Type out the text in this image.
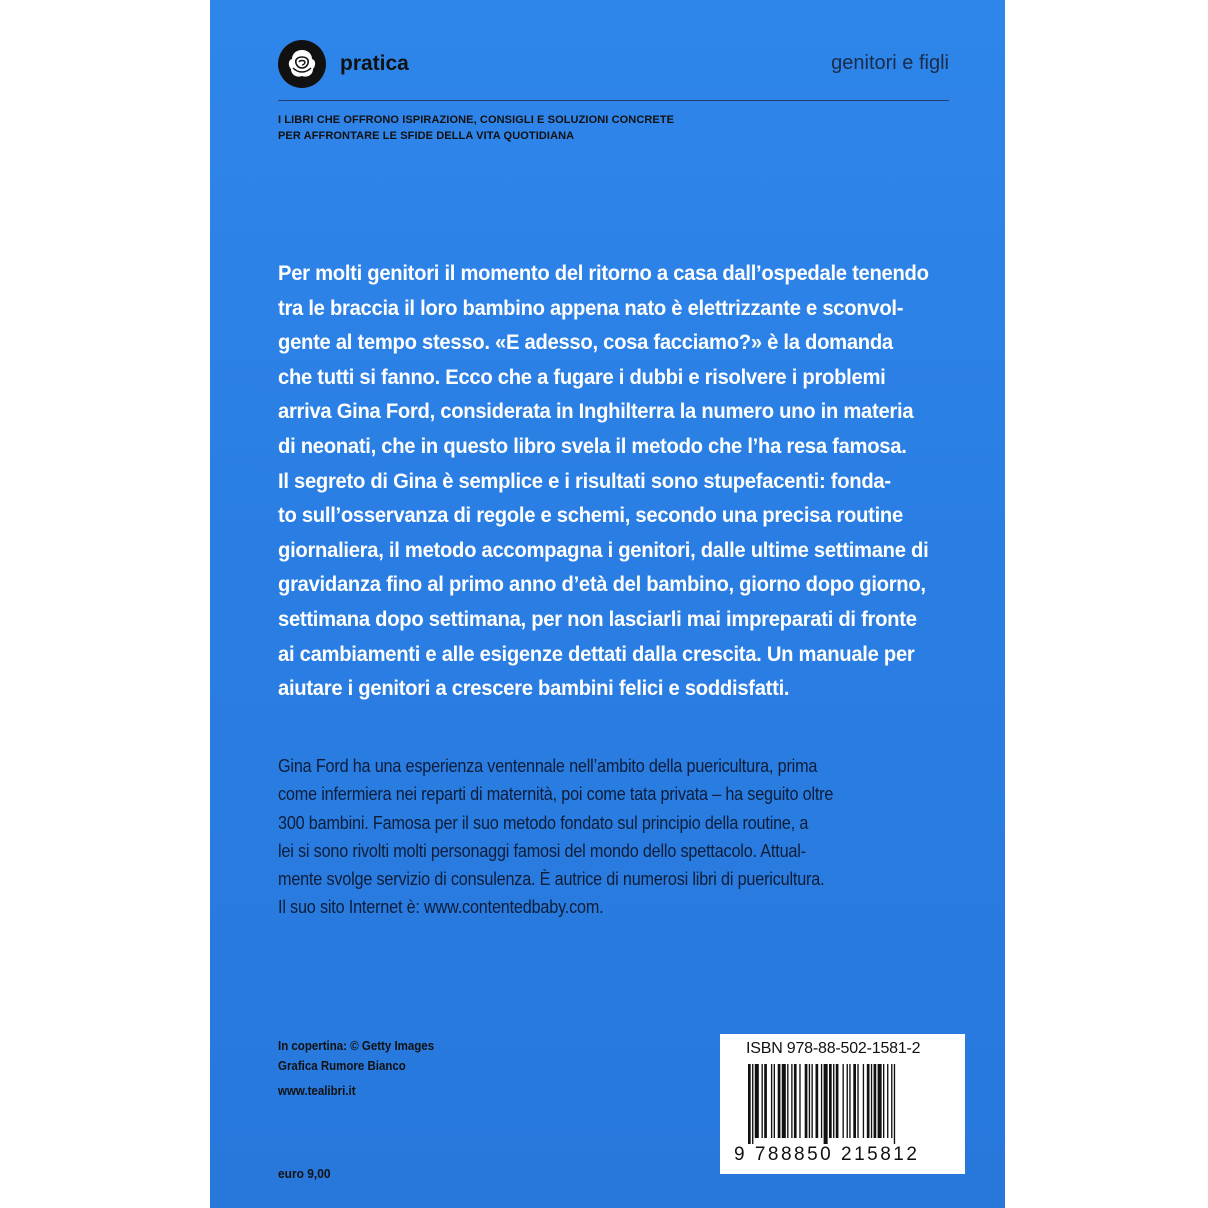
pratica	genitori e figli
I LIBRI CHE OFFRONO ISPIRAZIONE, CONSIGLI E SOLUZIONI CONCRETE
PER AFFRONTARE LE SFIDE DELLA VITA QUOTIDIANA
Per molti genitori il momento del ritorno a casa dall’ospedale tenendo
tra le braccia il loro bambino appena nato è elettrizzante e sconvol-
gente al tempo stesso. «E adesso, cosa facciamo?» è la domanda
che tutti si fanno. Ecco che a fugare i dubbi e risolvere i problemi
arriva Gina Ford, considerata in Inghilterra la numero uno in materia
di neonati, che in questo libro svela il metodo che l’ha resa famosa.
Il segreto di Gina è semplice e i risultati sono stupefacenti: fonda-
to sull’osservanza di regole e schemi, secondo una precisa routine
giornaliera, il metodo accompagna i genitori, dalle ultime settimane di
gravidanza fino al primo anno d’età del bambino, giorno dopo giorno,
settimana dopo settimana, per non lasciarli mai impreparati di fronte
ai cambiamenti e alle esigenze dettati dalla crescita. Un manuale per
aiutare i genitori a crescere bambini felici e soddisfatti.
Gina Ford ha una esperienza ventennale nell’ambito della puericultura, prima
come infermiera nei reparti di maternità, poi come tata privata – ha seguito oltre
300 bambini. Famosa per il suo metodo fondato sul principio della routine, a
lei si sono rivolti molti personaggi famosi del mondo dello spettacolo. Attual-
mente svolge servizio di consulenza. È autrice di numerosi libri di puericultura.
Il suo sito Internet è: www.contentedbaby.com.
In copertina: © Getty Images
Grafica Rumore Bianco
www.tealibri.it
euro 9,00
ISBN 978-88-502-1581-2
9 788850 215812
